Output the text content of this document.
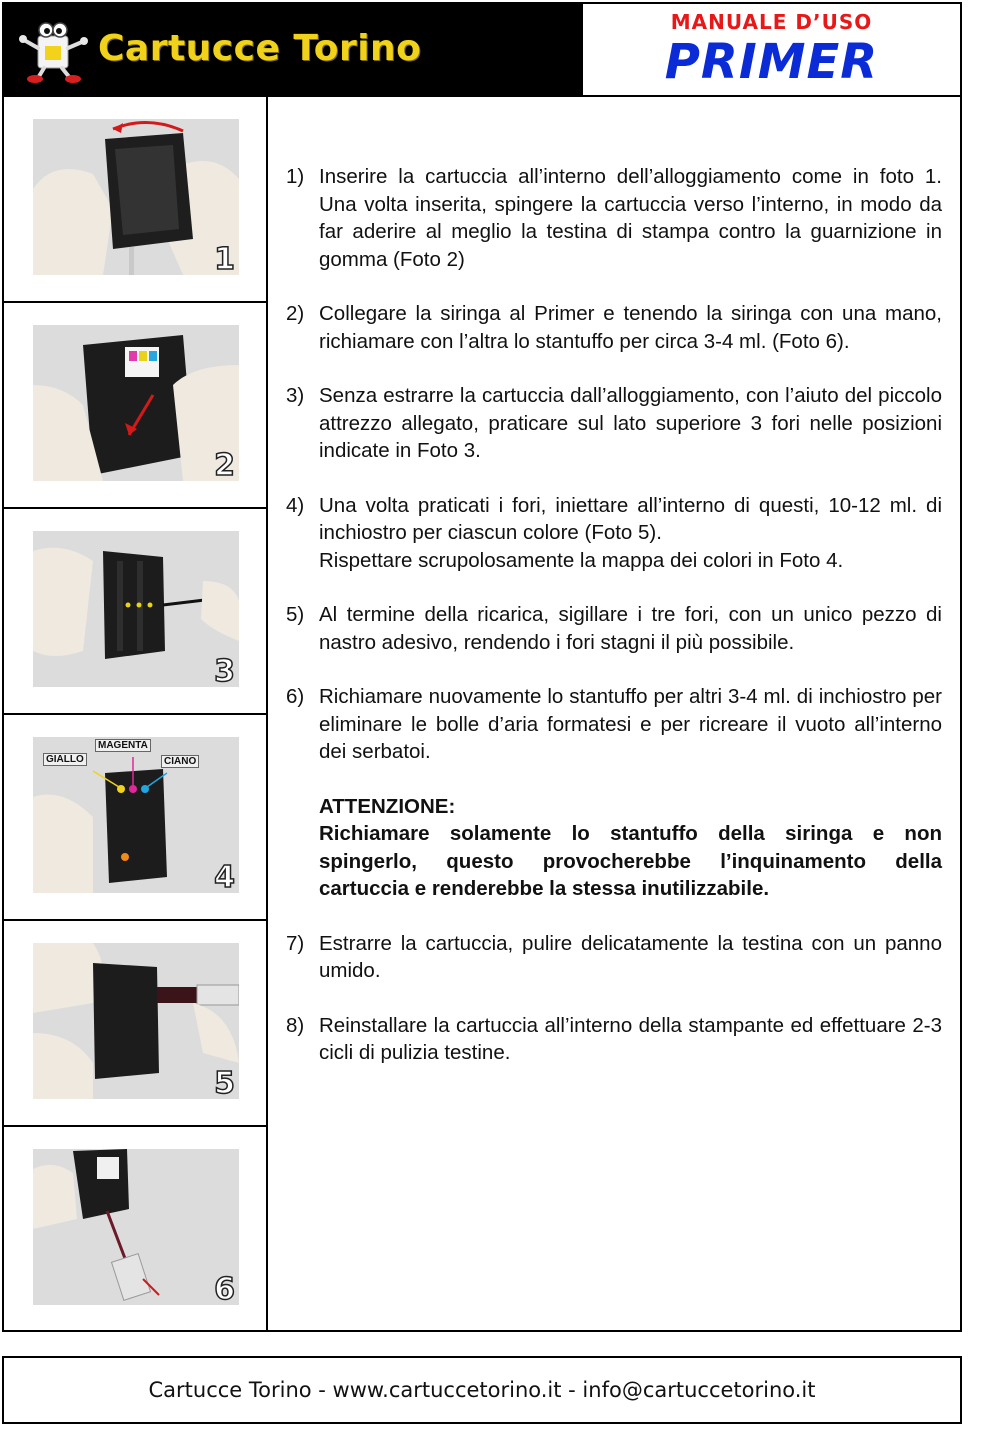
Cartucce Torino
MANUALE D’USO
PRIMER
1
2
3
GIALLO
MAGENTA
CIANO
4
5
6
1) Inserire la cartuccia all’interno dell’alloggiamento come in foto 1. Una volta inserita, spingere la cartuccia verso l’interno, in modo da far aderire al meglio la testina di stampa contro la guarnizione in gomma (Foto 2)
2) Collegare la siringa al Primer e tenendo la siringa con una mano, richiamare con l’altra lo stantuffo per circa 3-4 ml. (Foto 6).
3) Senza estrarre la cartuccia dall’alloggiamento, con l’aiuto del piccolo attrezzo allegato, praticare sul lato superiore 3 fori nelle posizioni indicate in Foto 3.
4) Una volta praticati i fori, iniettare all’interno di questi, 10-12 ml. di inchiostro per ciascun colore (Foto 5).
Rispettare scrupolosamente la mappa dei colori in Foto 4.
5) Al termine della ricarica, sigillare i tre fori, con un unico pezzo di nastro adesivo, rendendo i fori stagni il più possibile.
6) Richiamare nuovamente lo stantuffo per altri 3-4 ml. di inchiostro per eliminare le bolle d’aria formatesi e per ricreare il vuoto all’interno dei serbatoi.
ATTENZIONE:
Richiamare solamente lo stantuffo della siringa e non spingerlo, questo provocherebbe l’inquinamento della cartuccia e renderebbe la stessa inutilizzabile.
7) Estrarre la cartuccia, pulire delicatamente la testina con un panno umido.
8) Reinstallare la cartuccia all’interno della stampante ed effettuare 2-3 cicli di pulizia testine.
Cartucce Torino - www.cartuccetorino.it - info@cartuccetorino.it
